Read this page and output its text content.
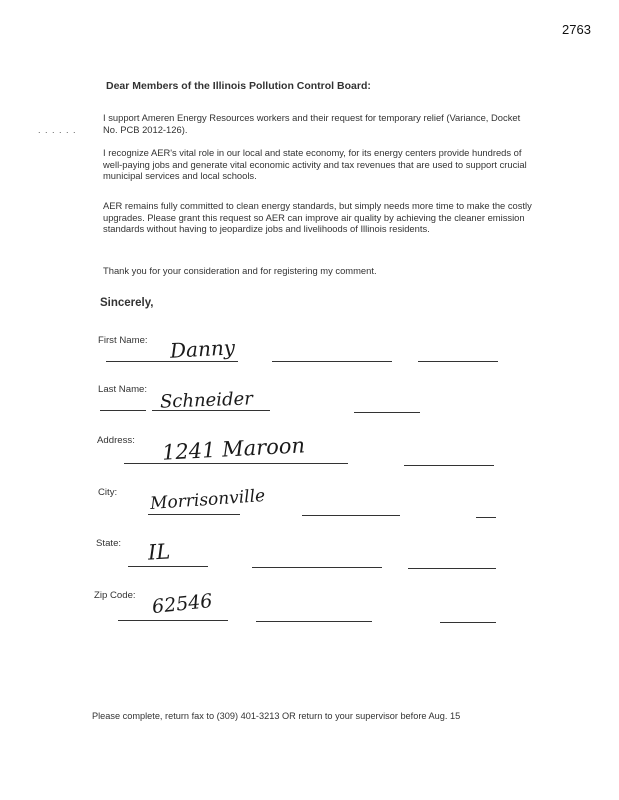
2763
Dear Members of the Illinois Pollution Control Board:
. . . . . .
I support Ameren Energy Resources workers and their request for temporary relief (Variance, Docket No. PCB 2012-126).
I recognize AER's vital role in our local and state economy, for its energy centers provide hundreds of well-paying jobs and generate vital economic activity and tax revenues that are used to support crucial municipal services and local schools.
AER remains fully committed to clean energy standards, but simply needs more time to make the costly upgrades. Please grant this request so AER can improve air quality by achieving the cleaner emission standards without having to jeopardize jobs and livelihoods of Illinois residents.
Thank you for your consideration and for registering my comment.
Sincerely,
First Name: Danny
Last Name: Schneider
Address: 1241 Maroon
City: Morrisonville
State: IL
Zip Code: 62546
Please complete, return fax to (309) 401-3213 OR return to your supervisor before Aug. 15
